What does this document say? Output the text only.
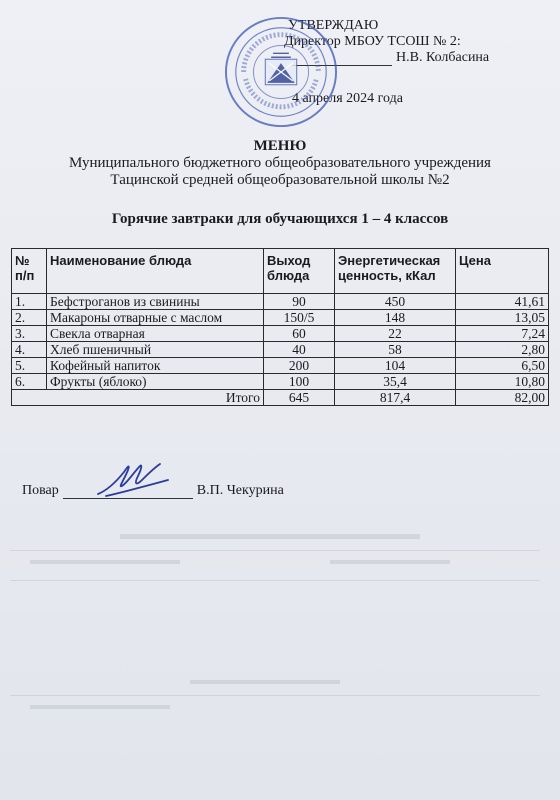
УТВЕРЖДАЮ
Директор МБОУ ТСОШ № 2:
Н.В. Колбасина
4 апреля 2024 года
МЕНЮ
Муниципального бюджетного общеобразовательного учреждения
Тацинской средней общеобразовательной школы №2
Горячие завтраки для обучающихся 1 – 4 классов
№ п/п	Наименование блюда	Выход блюда	Энергетическая ценность, кКал	Цена
1.	Бефстроганов из свинины	90	450	41,61
2.	Макароны отварные с маслом	150/5	148	13,05
3.	Свекла отварная	60	22	7,24
4.	Хлеб пшеничный	40	58	2,80
5.	Кофейный напиток	200	104	6,50
6.	Фрукты (яблоко)	100	35,4	10,80
Итого		645	817,4	82,00
Повар	В.П. Чекурина
